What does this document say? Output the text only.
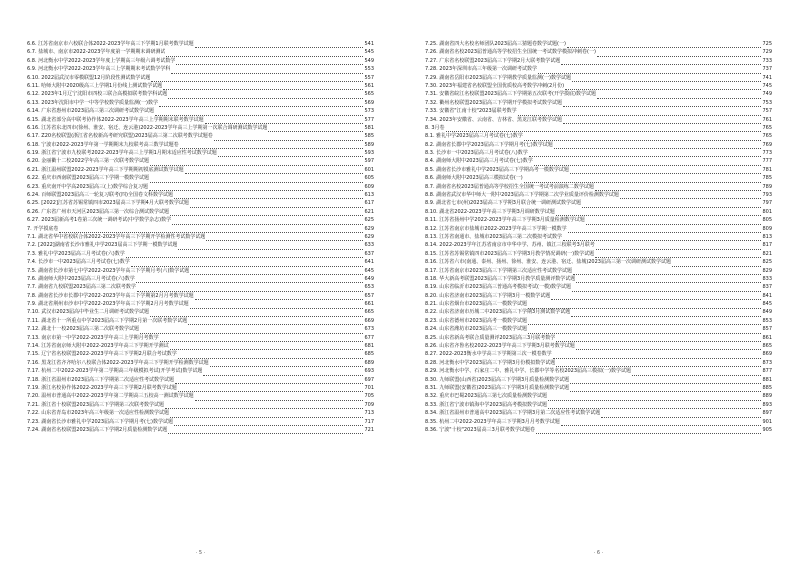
6.6. 江苏省南京市六校联合体2022-2023学年高三下学期1月联考数学试题	541
6.7. 盐城市、南京市2022-2023学年度第一学期期末调研测试	545
6.8. 河北衡水中学2022-2023学年度上学期高三年级六调考试数学	549
6.9. 河北衡水中学2022-2023学年高三上学期期末考试数学学科	553
6.10. 2022届武汉市零模联盟12月阶段性测试数学试题	557
6.11. 哈师大附中2020级高三上学期1月份线上测试数学试题	561
6.12. 2023年1月辽宁沈阳市四校三联合高模拟联考数学科试题	565
6.13. 2023年沈阳市中学一中等学校数学质量监测(一)数学	569
6.14. 广东省惠州市2023届高三第三次调研考试数学试题	573
6.15. 湖北省部分高中联考协作体2022-2023学年高三上学期期末联考数学试题	577
6.16. 江苏省东北四市(徐州、淮安、宿迁、连云港)2022-2023学年高三上学期第一次联合调研测试数学试题	581
6.17. Z20名校联盟(浙江省名校新高考研究联盟)2023届高三第二次联考数学试题卷	585
6.18. 宁波市2022-2023学年第一学期期末九校联考高三数学试题卷	589
6.19. 浙江省宁波市九校联考2022-2023学年高三上学期1月期末适应性考试数学试题	593
6.20. 金丽衢十二校2022学年高三第一次联考数学试题	597
6.21. 浙江温州联盟2022-2023学年高三下学期期初摸底测试数学试题	601
6.22. 重庆市西南联盟2023届高三下学期一模数学试题	605
6.23. 重庆南开中学高2023届高三(上)数学综合复习题	609
6.24. 百师联盟2023届高三一轮复习联考(四)全国卷文科数学试题	613
6.25. [2022]江苏省苏锡常镇四市2023届高三下学期4月大联考数学试题	617
6.26. 广东省广州市天河区2023届高三第一次综合测试数学试题	621
6.27. 2023届新高考1卷第三次统一调研考试(中学数学杂志)数学	625
7. 开学摸底卷	629
7.1. 湖北省华中省校联合体2022-2023学年高三下学期开学检测性考试数学试题	629
7.2. [2022]湖南省长沙市雅礼中学2023届高三下学期一模数学试题	633
7.3. 雅礼中学2023届高三月考试卷(六)数学	637
7.4. 长沙市一中2023届高三月考试卷(七)数学	641
7.5. 湖南省长沙市第七中学2022-2023学年高三下学期月考(六)数学试题	645
7.6. 湖南师大附中2023届高三月考试卷(六)数学	649
7.7. 湖南省九校联盟2023届高三第二次联考数学	653
7.8. 湖南省长沙市长郡中学2022-2023学年高三下学期第2月月考数学试题	657
7.9. 湖北省荆州市沙市中学2022-2023学年高三下学期2月月考数学试题	661
7.10. 武汉市2023届高中毕业生二月调研考试数学试题	665
7.11. 湖北省十一所重点中学2023届高三下学期2月第一次联考数学试题	669
7.12. 湖北十一校2023届高三第二次联考数学试题	673
7.13. 南京市第一中学2022-2023学年高三上学期月考数学	677
7.14. 江苏省南京师大附中2022-2023学年高三下学期开学测试	681
7.15. 辽宁省名校联盟2022-2023学年高三下学期2月联合考试数学	685
7.16. 黑龙江省齐齐哈尔八校联合体2022-2023学年高三下学期开学检测数学试题	689
7.17. 杭州二中2022-2023学年第二学期高三年级模拟考试(开学考试)数学试题	693
7.18. 浙江省温州市2023届高三下学期第二次适应性考试数学试题	697
7.19. 浙江名校协作体2022-2023学年高三下学期2月联考数学试题	701
7.20. 温州市普通高中2022-2023学年第二学期高三五校高一测试数学试题	705
7.21. 浙江省十校联盟2023届高三下学期第三次联考数学试题	709
7.22. 山东省青岛市2023年高三年级第一次适应性检测数学试题	713
7.23. 湖南省长沙市雅礼中学2023届高三下学期月考(七)数学试题	717
7.24. 湖南省名校联盟2023届高三下学期2月质量检测数学试题	721
· 5 ·
7.25. 湖南省四大名校名师团队2023届高三猜题卷数学试题(一)	725
7.26. 湖南省名校2023届普通高等学校招生全国统一考试数学模拟冲刺卷(一)	729
7.27. 广东省名校联盟2023届高三下学期2月大联考数学试题	733
7.28. 2023年深圳市高三年级第一次调研考试数学	737
7.29. 湖南省岳阳市2023届高三下学期教学质量监测(一)数学试题	741
7.30. 2023年福建省名校联盟全国优质校高考数学冲刺(2月份)	745
7.31. 安徽省皖江名校联盟2023届高三下学期第五次联考(开学摸底)数学试题	749
7.32. 衢州名校联盟2023届高三下学期开学模拟考试数学试题	753
7.33. 安徽省"江南十校"2023届联考数学	757
7.34. 2023年安徽省、云南省、吉林省、黑龙江联考数学试题	761
8. 3月卷	765
8.1. 雅礼中学2023届高三月考试卷(七)数学	765
8.2. 湖南省长郡中学2023届高三下学期月考(七)数学试题	769
8.3. 长沙市一中2023届高三月考试卷(八)数学	773
8.4. 湖南师大附中2023届高三月考试卷(七)数学	777
8.5. 湖南省长沙市雅礼中学2023届高三下学期高考一模数学试题	781
8.6. 湖南师大附中2023届高三模拟试卷(一)	785
8.7. 湖南省名校2023届普通高等学校招生全国统一考试考前演练二数学试题	789
8.8. 湖南省武汉市华中师大一附中2023届高三下学期第二次学业质量评价检测数学试题	793
8.9. 湖北省七市(州)2023届高三下学期3月联合统一调研测试数学试题	797
8.10. 湖北省2022-2023学年高三下学期3月调研数学试题	801
8.11. 江苏省扬州中学2022-2023学年高三下学期3月质量检测数学试题	805
8.12. 江苏省南京市盐城市2022-2023学年高三下学期一模数学	809
8.13. 江苏省南通市、盐城市2023届高三第二次模拟考试数学	813
8.14. 2022-2023学年江苏省南京市中华中学、苏州、镇江三校联考3月联考	817
8.15. 江苏省苏锡常镇四市2023届高三下学期3月教学情况调研(一)数学试题	821
8.16. 江苏省六市(南通、泰州、扬州、徐州、淮安、连云港、宿迁、盐城)2023届高三第一次调研测试数学试题	825
8.17. 江苏省南京市2023届高三下学期第三次适应性考试数学试题	829
8.18. 华大新高考联盟2023届高三下学期3月教学质量测评数学试题	833
8.19. 山东省临沂市2023届高三普通高考模拟考试(一模)数学试题	837
8.20. 山东省济南市2023届高三下学期3月一模数学试题	841
8.21. 山东省烟台市2023届高三一模数学试题	845
8.22. 山东省济南市历城二中2023届高三下学期3月测试数学试题	849
8.23. 山东省德州市2023届高考一模数学试题	853
8.24. 山东省潍坊市2023届高三一模数学试题	857
8.25. 山东省新高考联合质量测评2023届高三3月联考数学	861
8.26. 山东省齐鲁名校2022-2023学年高三下学期3月联考数学试题	865
8.27. 2022-2023衡水中学高三下学期第三次一模卷数学	869
8.28. 河北衡水中学2023届高三下学期3月份模拟数学试题	873
8.29. 河北衡水中学、石家庄二中、雅礼中学、长郡中学等名校2023届高三模拟(一)数学试题	877
8.30. 九师联盟(山西省)2023届高三下学期3月质量检测数学试题	881
8.31. 九师联盟(安徽省)2023届高三下学期3月质量检测数学试题	885
8.32. 重庆市巴蜀2023届高三第七次质量检测数学试题	889
8.33. 浙江省宁波市镇海中学2023届高考模拟数学试题	893
8.34. 浙江省温州市普通高中2023届高三下学期3月第二次适应性考试数学试题	897
8.35. 杭州二中2022-2023学年高三下学期3月月考数学试题	901
8.36. 宁波"十校"2023届高三3月联考数学试题卷	905
· 6 ·
